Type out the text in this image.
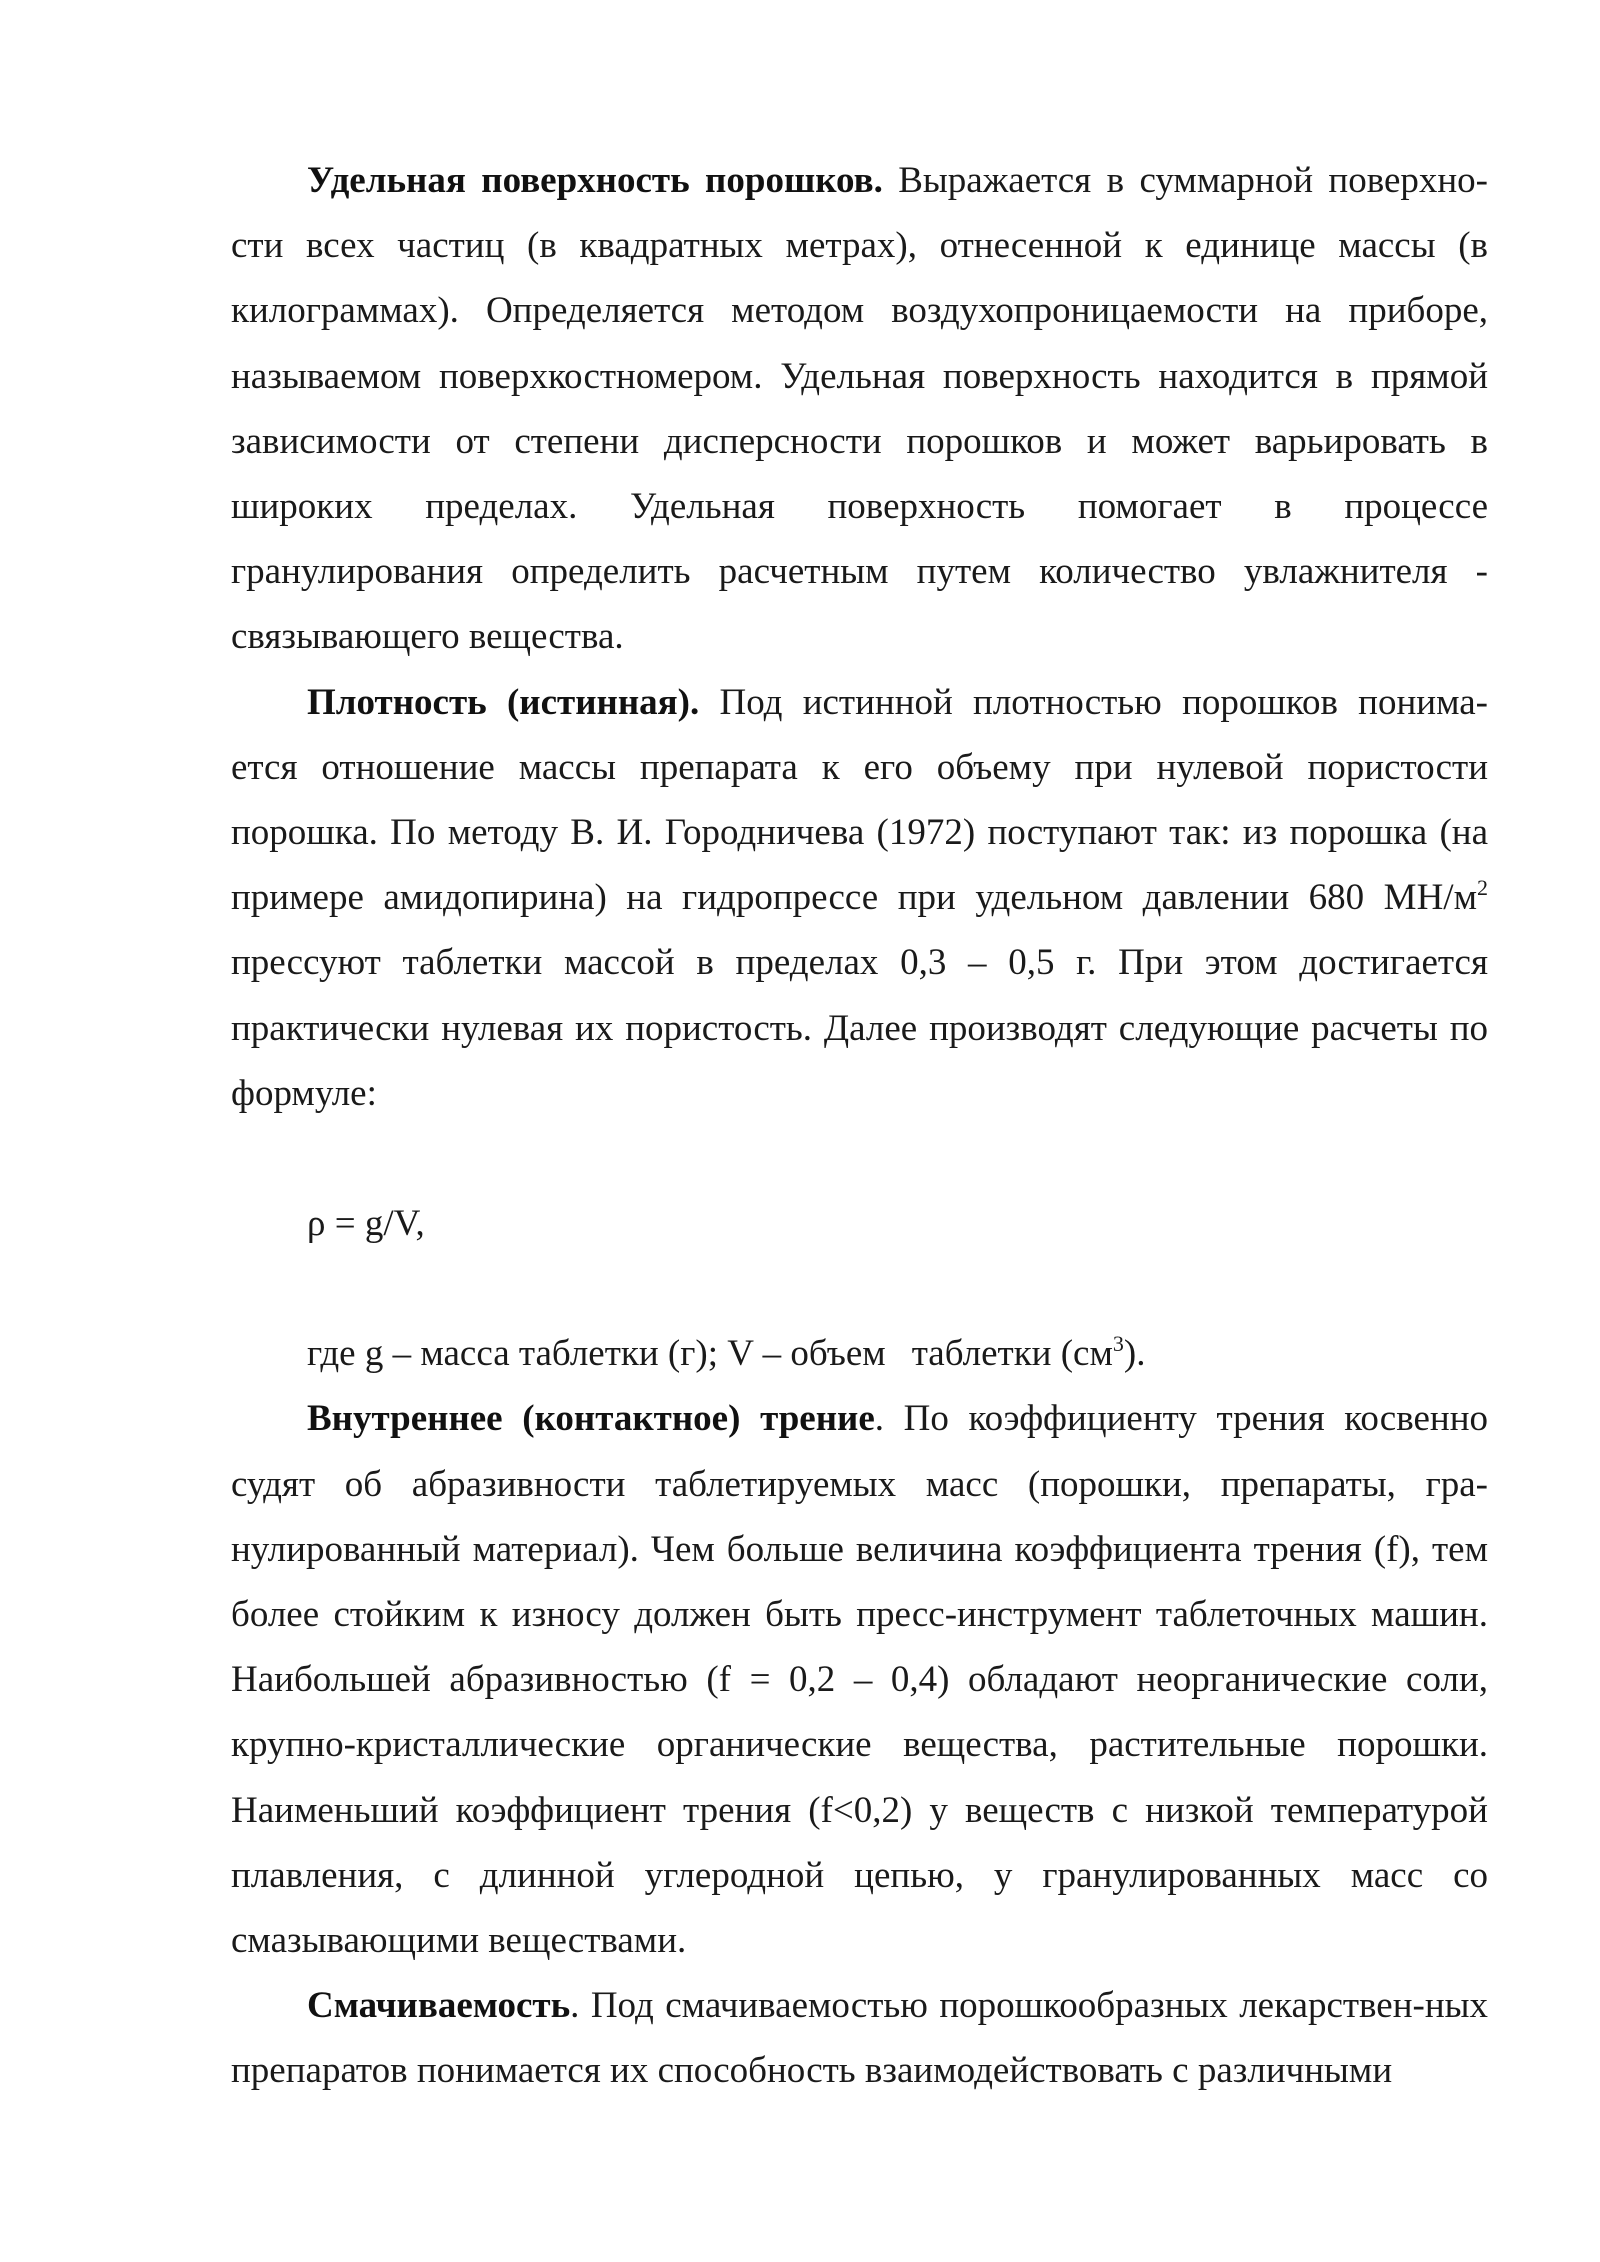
Удельная поверхность порошков. Выражается в суммарной поверхно-сти всех частиц (в квадратных метрах), отнесенной к единице массы (в килограммах). Определяется методом воздухопроницаемости на приборе, называемом поверхкостномером. Удельная поверхность находится в прямой зависимости от степени дисперсности порошков и может варьировать в широких пределах. Удельная поверхность помогает в процессе гранулирования определить расчетным путем количество увлажнителя - связывающего вещества.

Плотность (истинная). Под истинной плотностью порошков понима-ется отношение массы препарата к его объему при нулевой пористости порошка. По методу В. И. Городничева (1972) поступают так: из порошка (на примере амидопирина) на гидропрессе при удельном давлении 680 $МН/м^2$ прессуют таблетки массой в пределах 0,3 – 0,5 г. При этом достигается практически нулевая их пористость. Далее производят следующие расчеты по формуле:

ρ = g/V,

где g – масса таблетки (г); V – объем таблетки $(см^3)$.

Внутреннее (контактное) трение. По коэффициенту трения косвенно судят об абразивности таблетируемых масс (порошки, препараты, гра-нулированный материал). Чем больше величина коэффициента трения (f), тем более стойким к износу должен быть пресс-инструмент таблеточных машин. Наибольшей абразивностью (f = 0,2 – 0,4) обладают неорганические соли, крупно-кристаллические органические вещества, растительные порошки. Наименьший коэффициент трения (f<0,2) у веществ с низкой температурой плавления, с длинной углеродной цепью, у гранулированных масс со смазывающими веществами.

Смачиваемость. Под смачиваемостью порошкообразных лекарствен-ных препаратов понимается их способность взаимодействовать с различными
